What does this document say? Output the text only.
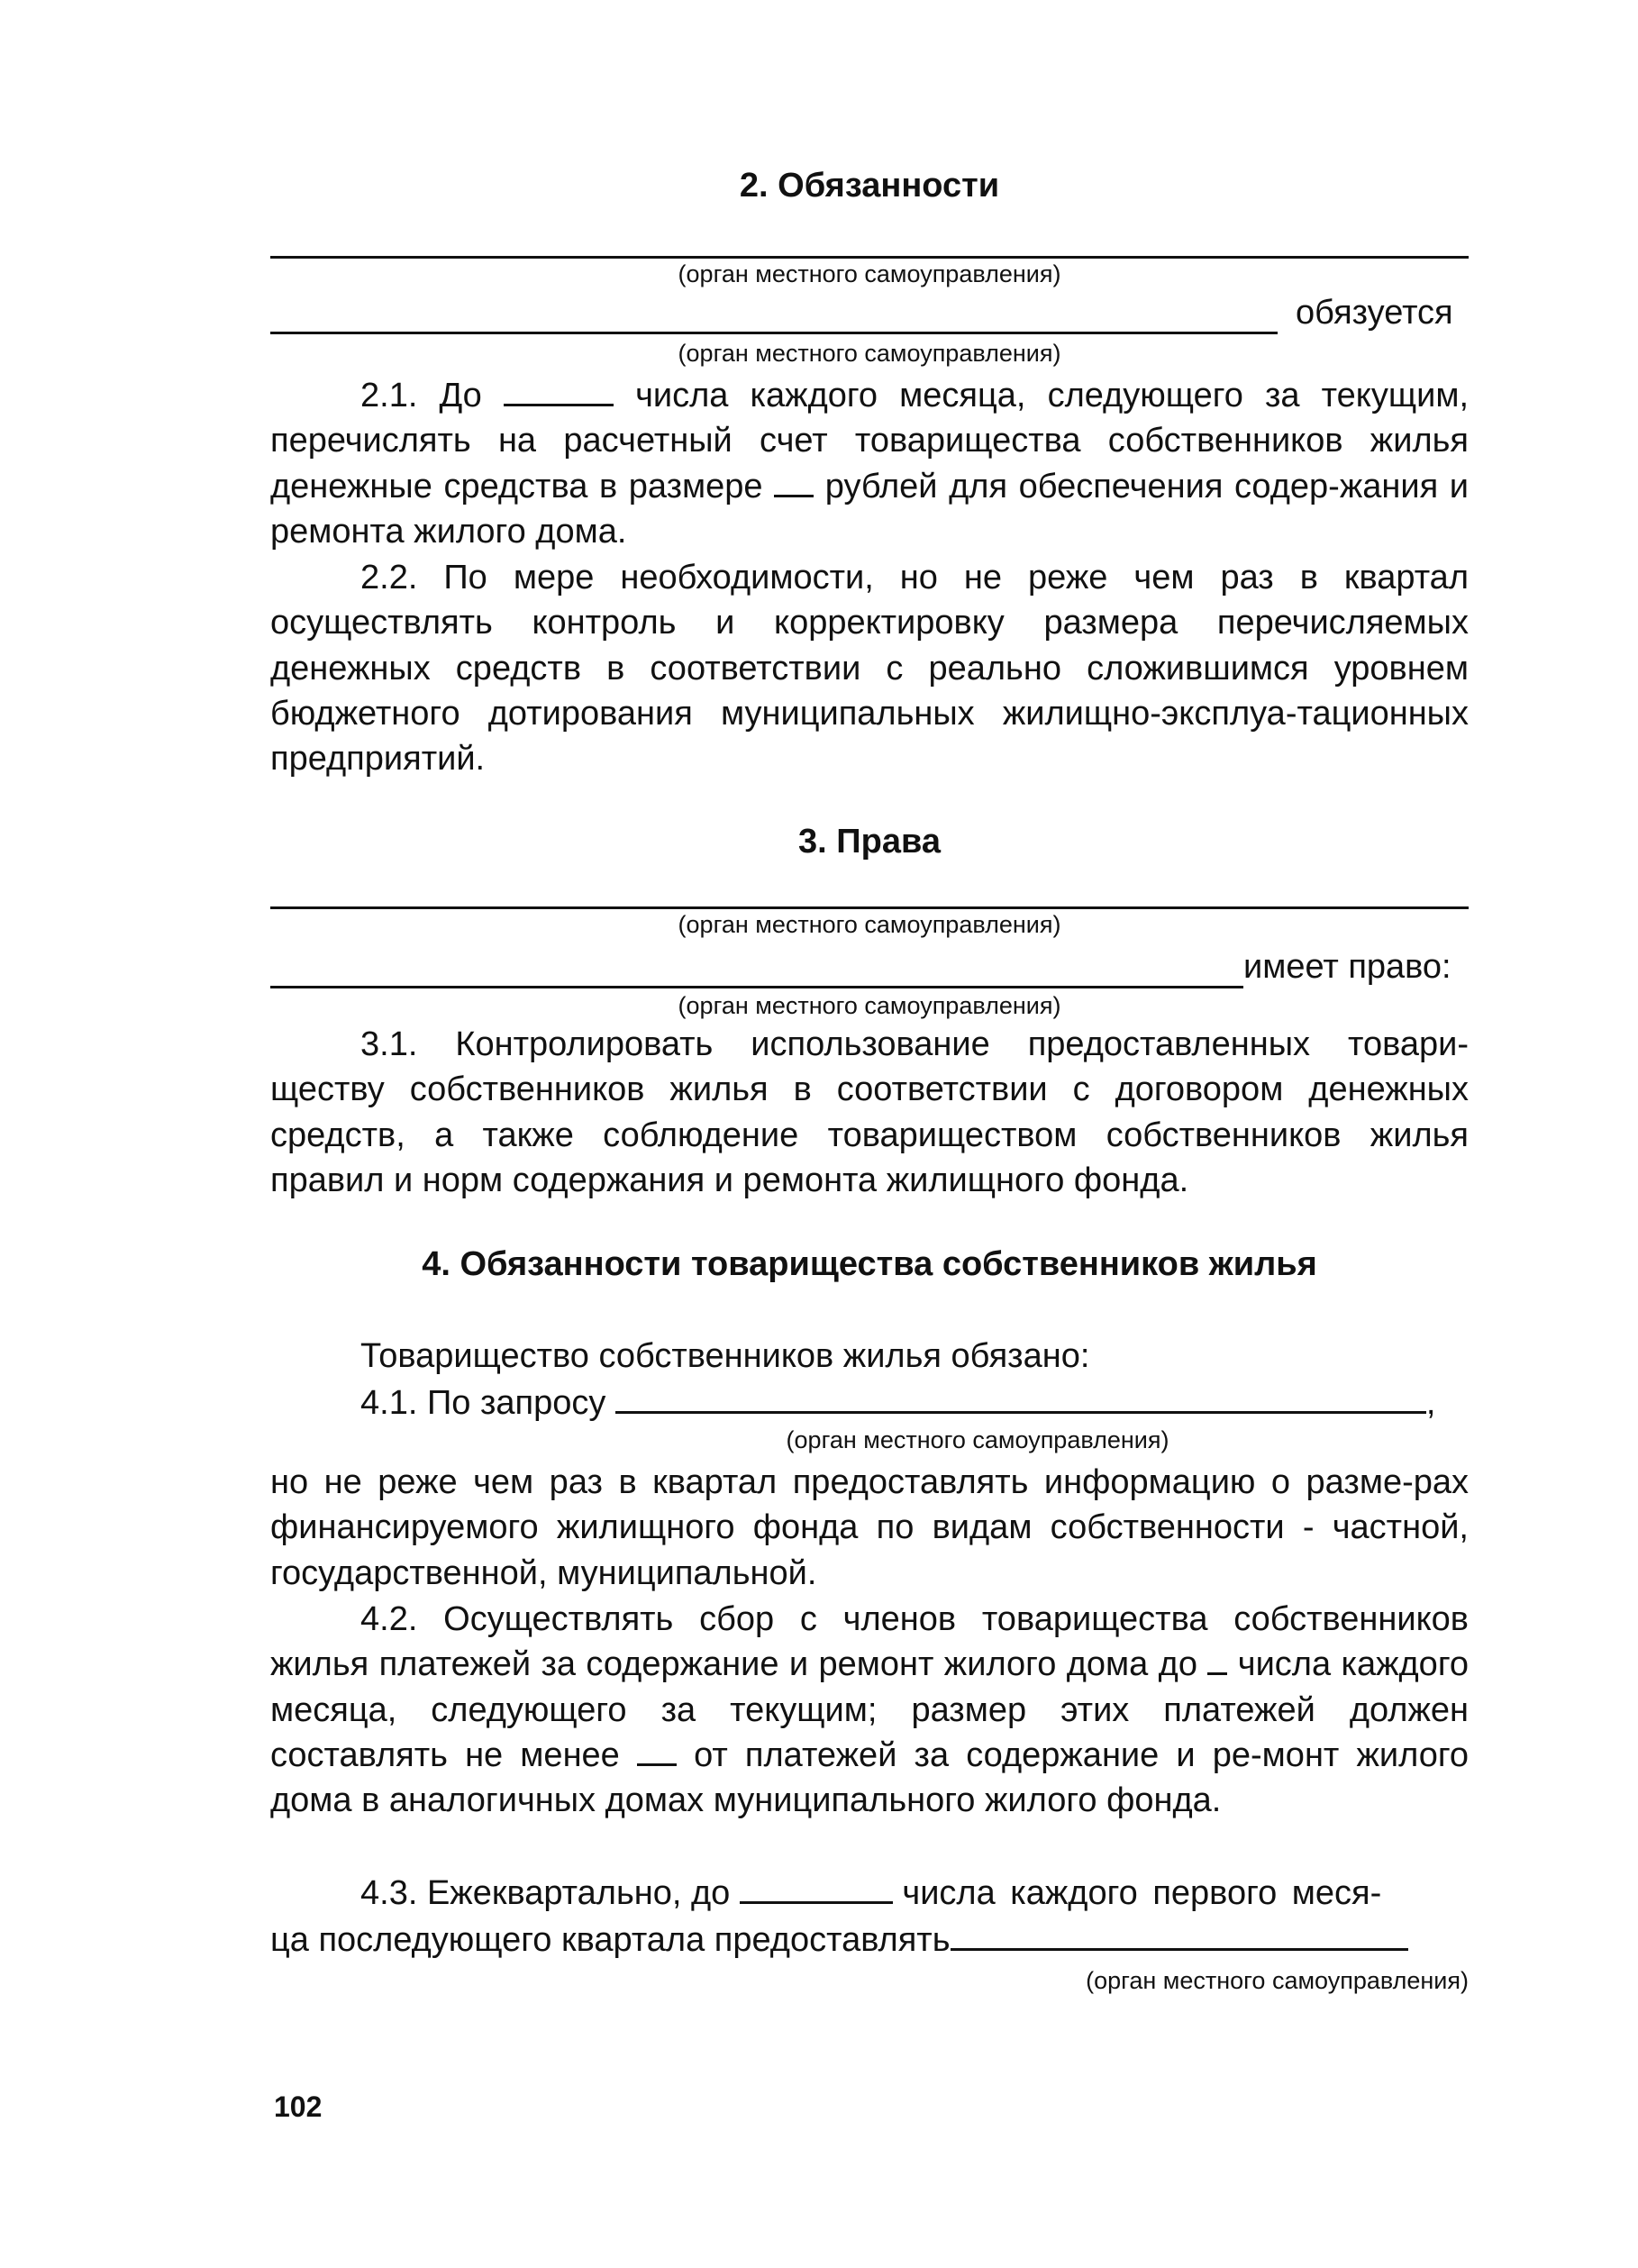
2. Обязанности
(орган местного самоуправления)
обязуется
(орган местного самоуправления)

2.1. До	числа каждого месяца, следующего за текущим, перечислять на расчетный счет товарищества собственников жилья денежные средства в размере рублей для обеспечения содер-жания и ремонта жилого дома.

2.2. По мере необходимости, но не реже чем раз в квартал осуществлять контроль и корректировку размера перечисляемых денежных средств в соответствии с реально сложившимся уровнем бюджетного дотирования муниципальных жилищно-эксплуа-тационных предприятий.

3. Права
(орган местного самоуправления)
имеет право:
(орган местного самоуправления)

3.1. Контролировать использование предоставленных товари-ществу собственников жилья в соответствии с договором денежных средств, а также соблюдение товариществом собственников жилья правил и норм содержания и ремонта жилищного фонда.

4. Обязанности товарищества собственников жилья
Товарищество собственников жилья обязано:
4.1. По запросу	,
(орган местного самоуправления)

но не реже чем раз в квартал предоставлять информацию о разме-рах финансируемого жилищного фонда по видам собственности - частной, государственной, муниципальной.

4.2. Осуществлять сбор с членов товарищества собственников жилья платежей за содержание и ремонт жилого дома до числа каждого месяца, следующего за текущим; размер этих платежей должен составлять не менее от платежей за содержание и ре-монт жилого дома в аналогичных домах муниципального жилого фонда.

4.3. Ежеквартально, до	числа каждого первого меся-
ца последующего квартала предоставлять
(орган местного самоуправления)
102
